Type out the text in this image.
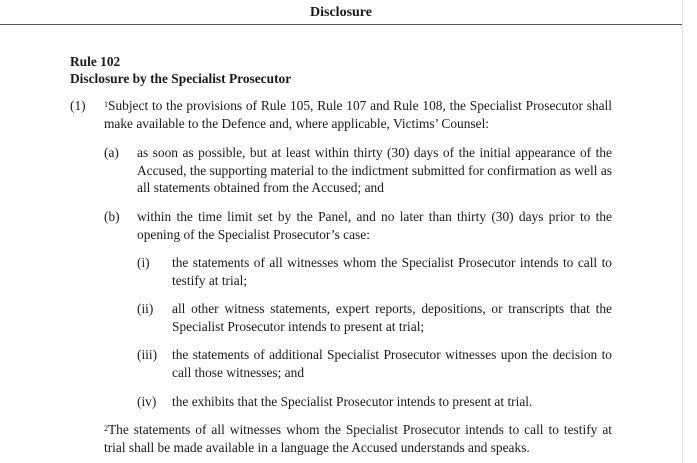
Disclosure
Rule 102
Disclosure by the Specialist Prosecutor
(1) $^1$Subject to the provisions of Rule 105, Rule 107 and Rule 108, the Specialist Prosecutor shall make available to the Defence and, where applicable, Victims’ Counsel:
(a) as soon as possible, but at least within thirty (30) days of the initial appearance of the Accused, the supporting material to the indictment submitted for confirmation as well as all statements obtained from the Accused; and
(b) within the time limit set by the Panel, and no later than thirty (30) days prior to the opening of the Specialist Prosecutor’s case:
(i) the statements of all witnesses whom the Specialist Prosecutor intends to call to testify at trial;
(ii) all other witness statements, expert reports, depositions, or transcripts that the Specialist Prosecutor intends to present at trial;
(iii) the statements of additional Specialist Prosecutor witnesses upon the decision to call those witnesses; and
(iv) the exhibits that the Specialist Prosecutor intends to present at trial.
$^2$The statements of all witnesses whom the Specialist Prosecutor intends to call to testify at trial shall be made available in a language the Accused understands and speaks.
